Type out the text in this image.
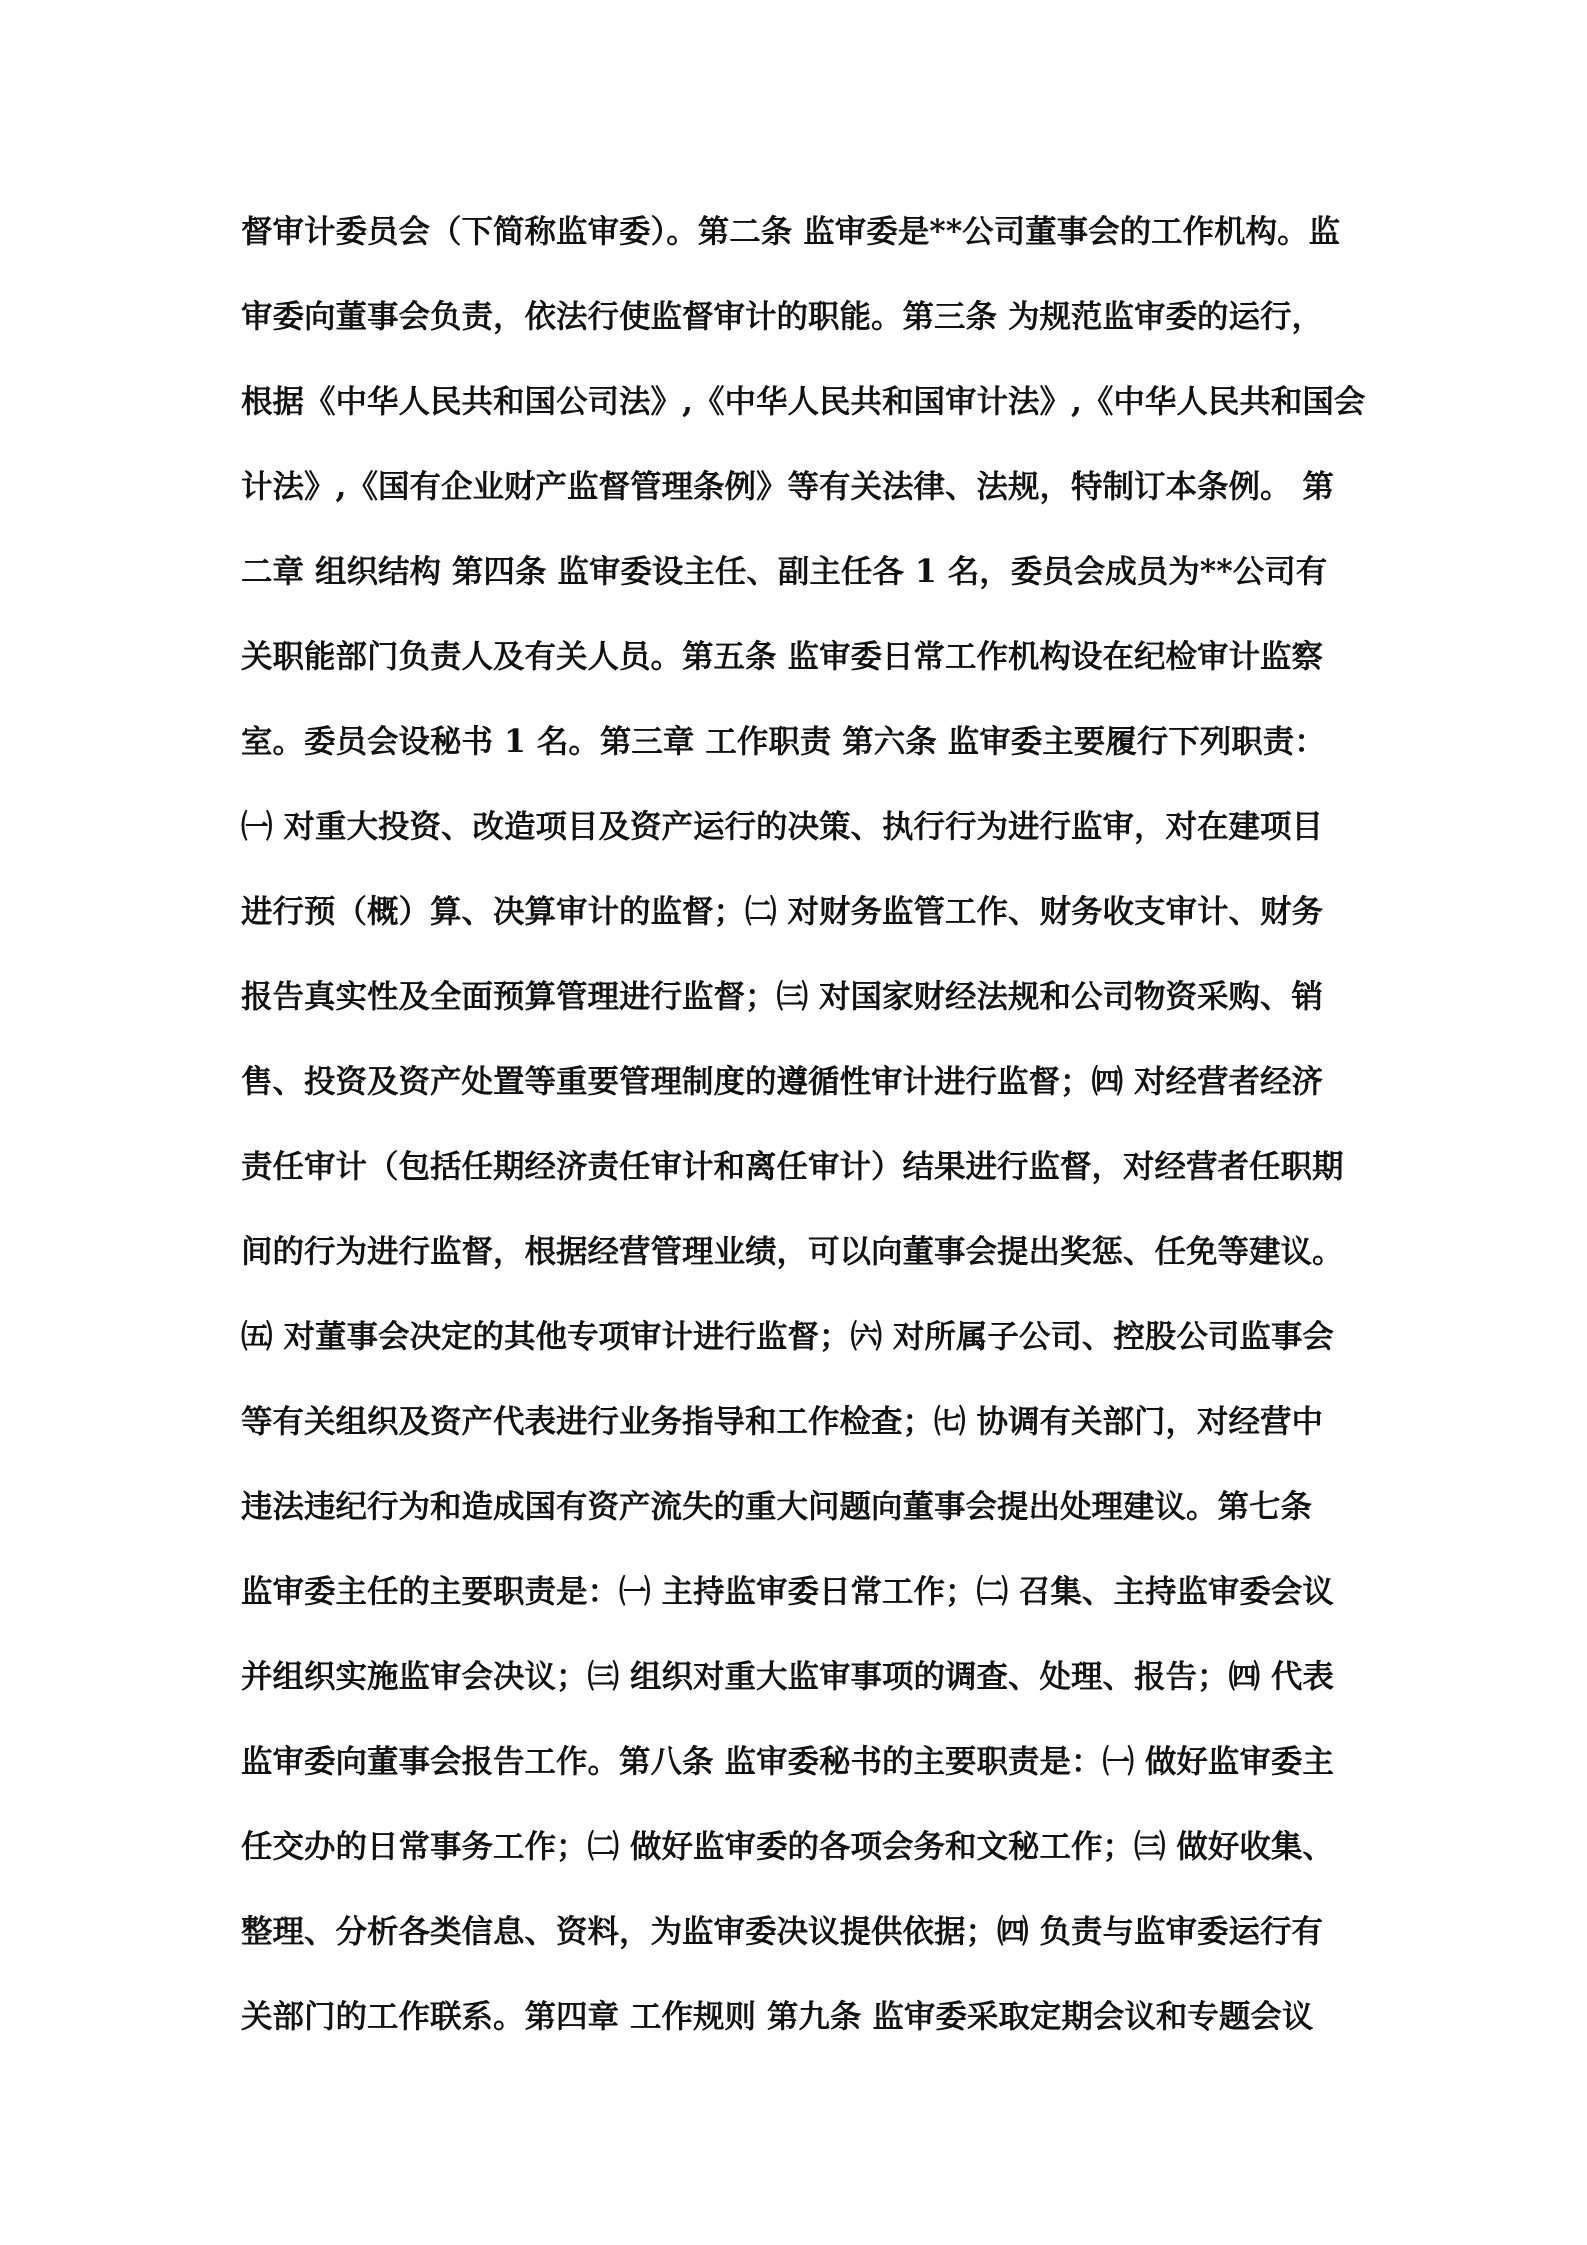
督审计委员会（下简称监审委）。第二条 监审委是**公司董事会的工作机构。监
审委向董事会负责，依法行使监督审计的职能。第三条 为规范监审委的运行，
根据《中华人民共和国公司法》,《中华人民共和国审计法》,《中华人民共和国会
计法》,《国有企业财产监督管理条例》等有关法律、法规，特制订本条例。 第
二章 组织结构 第四条 监审委设主任、副主任各 1 名，委员会成员为**公司有
关职能部门负责人及有关人员。第五条 监审委日常工作机构设在纪检审计监察
室。委员会设秘书 1 名。第三章 工作职责 第六条 监审委主要履行下列职责：
㈠ 对重大投资、改造项目及资产运行的决策、执行行为进行监审，对在建项目
进行预（概）算、决算审计的监督；㈡ 对财务监管工作、财务收支审计、财务
报告真实性及全面预算管理进行监督；㈢ 对国家财经法规和公司物资采购、销
售、投资及资产处置等重要管理制度的遵循性审计进行监督；㈣ 对经营者经济
责任审计（包括任期经济责任审计和离任审计）结果进行监督，对经营者任职期
间的行为进行监督，根据经营管理业绩，可以向董事会提出奖惩、任免等建议。
㈤ 对董事会决定的其他专项审计进行监督；㈥ 对所属子公司、控股公司监事会
等有关组织及资产代表进行业务指导和工作检查；㈦ 协调有关部门，对经营中
违法违纪行为和造成国有资产流失的重大问题向董事会提出处理建议。第七条
监审委主任的主要职责是：㈠ 主持监审委日常工作；㈡ 召集、主持监审委会议
并组织实施监审会决议；㈢ 组织对重大监审事项的调查、处理、报告；㈣ 代表
监审委向董事会报告工作。第八条 监审委秘书的主要职责是：㈠ 做好监审委主
任交办的日常事务工作；㈡ 做好监审委的各项会务和文秘工作；㈢ 做好收集、
整理、分析各类信息、资料，为监审委决议提供依据；㈣ 负责与监审委运行有
关部门的工作联系。第四章 工作规则 第九条 监审委采取定期会议和专题会议
